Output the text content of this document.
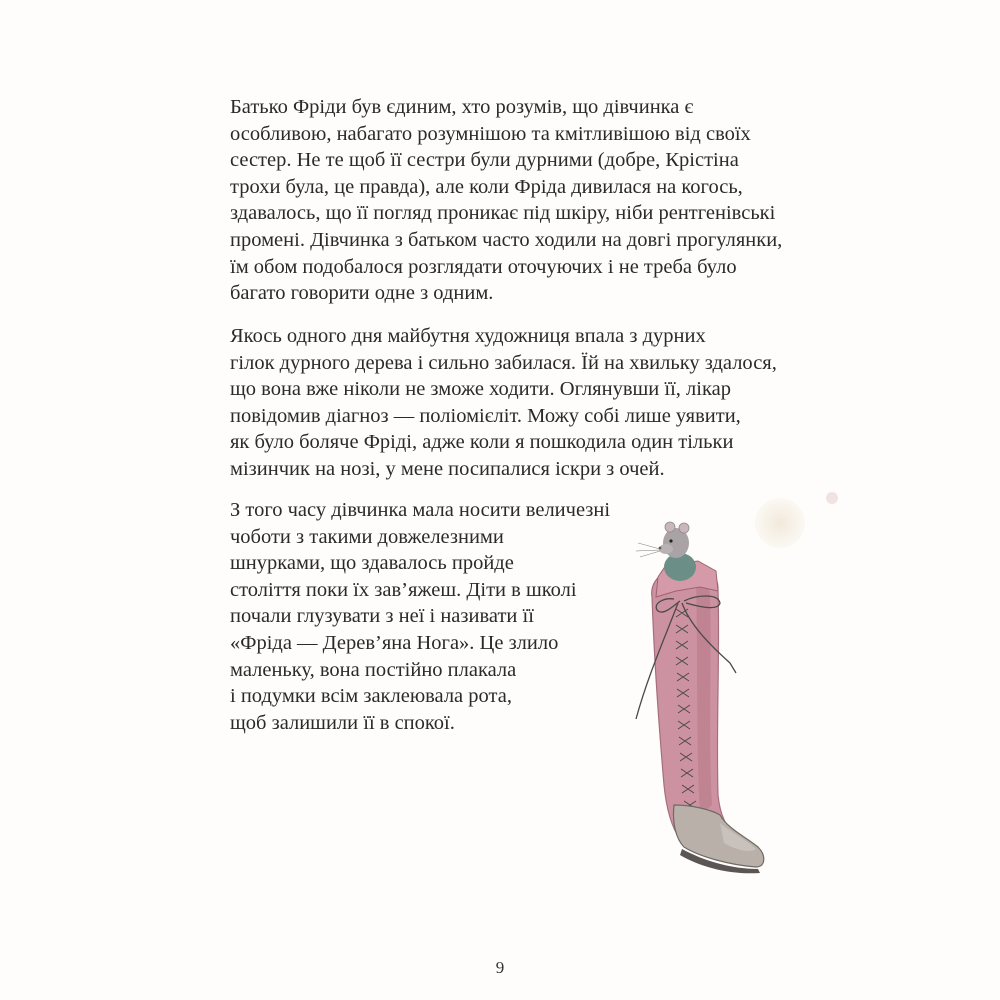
Батько Фріди був єдиним, хто розумів, що дівчинка є
особливою, набагато розумнішою та кмітливішою від своїх
сестер. Не те щоб її сестри були дурними (добре, Крістіна
трохи була, це правда), але коли Фріда дивилася на когось,
здавалось, що її погляд проникає під шкіру, ніби рентгенівські
промені. Дівчинка з батьком часто ходили на довгі прогулянки,
їм обом подобалося розглядати оточуючих і не треба було
багато говорити одне з одним.

Якось одного дня майбутня художниця впала з дурних
гілок дурного дерева і сильно забилася. Їй на хвильку здалося,
що вона вже ніколи не зможе ходити. Оглянувши її, лікар
повідомив діагноз — поліомієліт. Можу собі лише уявити,
як було боляче Фріді, адже коли я пошкодила один тільки
мізинчик на нозі, у мене посипалися іскри з очей.

З того часу дівчинка мала носити величезні
чоботи з такими довжелезними
шнурками, що здавалось пройде
століття поки їх зав’яжеш. Діти в школі
почали глузувати з неї і називати її
«Фріда — Дерев’яна Нога». Це злило
маленьку, вона постійно плакала
і подумки всім заклеювала рота,
щоб залишили її в спокої.

9
